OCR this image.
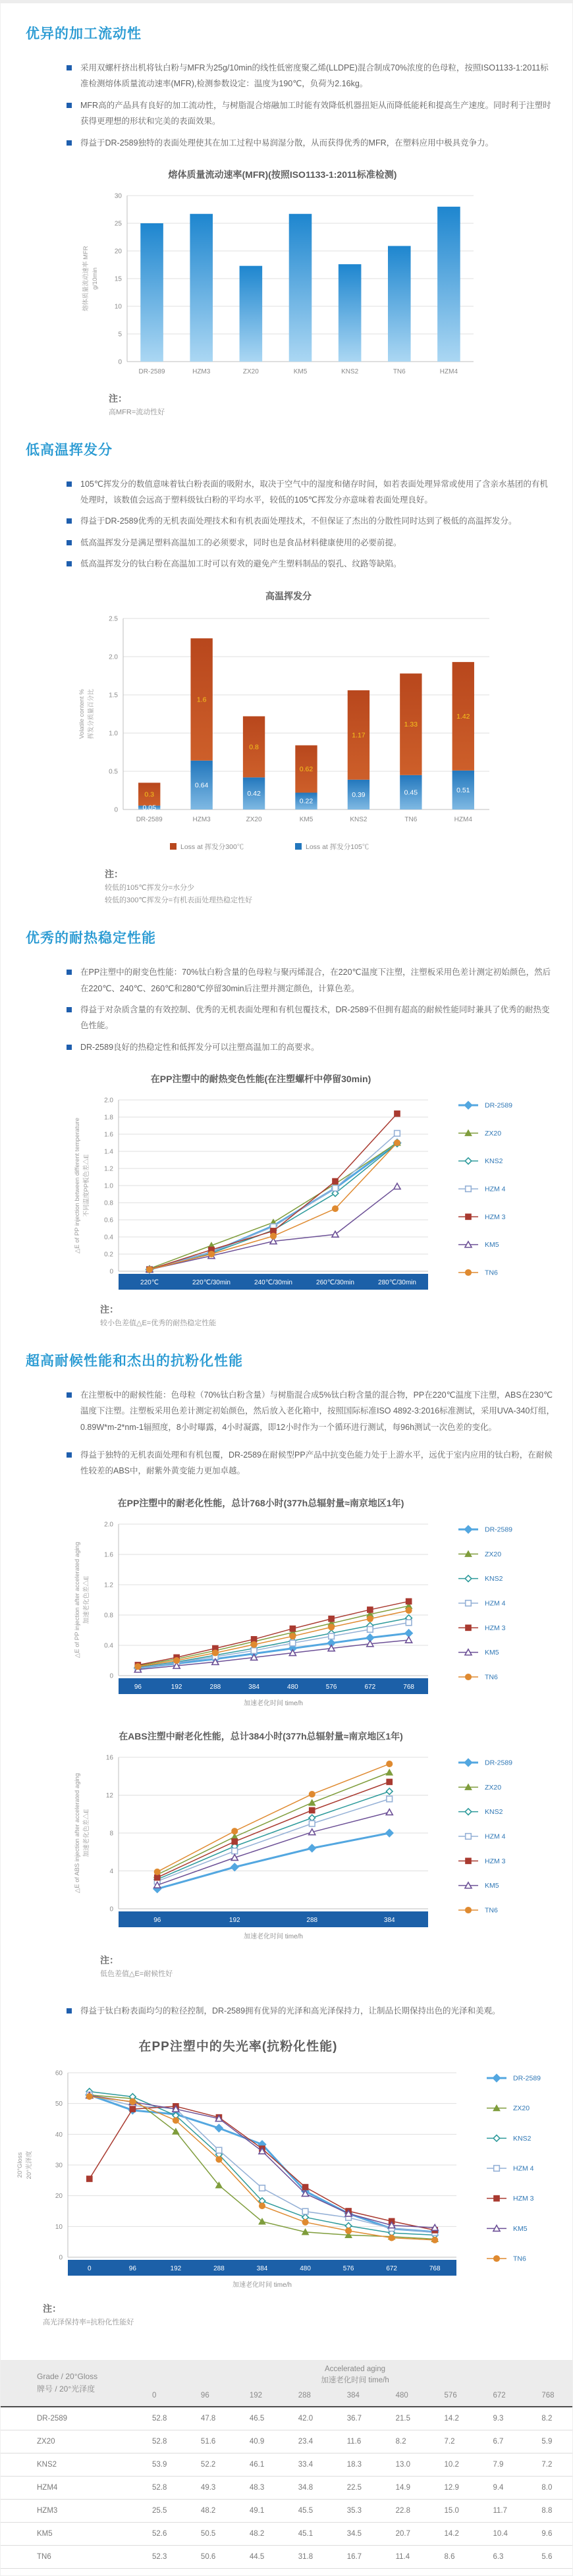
优异的加工流动性
采用双螺杆挤出机将钛白粉与MFR为25g/10min的线性低密度聚乙烯(LLDPE)混合制成70%浓度的色母粒，按照ISO1133-1:2011标准检测熔体质量流动速率(MFR),检测参数设定：温度为190℃，负荷为2.16kg。
MFR高的产品具有良好的加工流动性，与树脂混合熔融加工时能有效降低机器扭矩从而降低能耗和提高生产速度。同时利于注塑时获得更理想的形状和完美的表面效果。
得益于DR-2589独特的表面处理使其在加工过程中易润湿分散，从而获得优秀的MFR，在塑料应用中极具竞争力。
熔体质量流动速率(MFR)(按照ISO1133-1:2011标准检测)
0
5
10
15
20
25
30
DR-2589	HZM3	ZX20	KM5	KNS2	TN6	HZM4
熔体质量流动速率 MFR g/10min
注：
高MFR=流动性好
低高温挥发分
105℃挥发分的数值意味着钛白粉表面的吸附水，取决于空气中的湿度和储存时间，如若表面处理异常或使用了含亲水基团的有机处理时，该数值会远高于塑料级钛白粉的平均水平，较低的105℃挥发分亦意味着表面处理良好。
得益于DR-2589优秀的无机表面处理技术和有机表面处理技术，不但保证了杰出的分散性同时达到了极低的高温挥发分。
低高温挥发分是满足塑料高温加工的必须要求，同时也是食品材料健康使用的必要前提。
低高温挥发分的钛白粉在高温加工时可以有效的避免产生塑料制品的裂孔、纹路等缺陷。
高温挥发分
0
0.5
1.0
1.5
2.0
2.5
0.05
0.3
0.64
1.6
0.42
0.8
0.22
0.62
0.39
1.17
0.45
1.33
0.51
1.42
DR-2589	HZM3	ZX20	KM5	KNS2	TN6	HZM4
Volatile content % 挥发分质量百分比
Loss at 挥发分300℃	Loss at 挥发分105℃
注：
较低的105℃挥发分=水分少
较低的300℃挥发分=有机表面处理热稳定性好
优秀的耐热稳定性能
在PP注塑中的耐变色性能：70%钛白粉含量的色母粒与聚丙烯混合，在220℃温度下注塑，注塑板采用色差计测定初始颜色，然后在220℃、240℃、260℃和280℃停留30min后注塑并测定颜色，计算色差。
得益于对杂质含量的有效控制、优秀的无机表面处理和有机包覆技术，DR-2589不但拥有超高的耐候性能同时兼具了优秀的耐热变色性能。
DR-2589良好的热稳定性和低挥发分可以注塑高温加工的高要求。
在PP注塑中的耐热变色性能(在注塑螺杆中停留30min)
0
0.2
0.4
0.6
0.8
1.0
1.2
1.4
1.6
1.8
2.0
220℃	220℃/30min	240℃/30min	260℃/30min	280℃/30min
△E of PP injection between different temperature 不同温度PP板色差△E
DR-2589
ZX20
KNS2
HZM 4
HZM 3
KM5
TN6
注：
较小色差值△E=优秀的耐热稳定性能
超高耐候性能和杰出的抗粉化性能
在注塑板中的耐候性能：色母粒（70%钛白粉含量）与树脂混合成5%钛白粉含量的混合物，PP在220℃温度下注塑，ABS在230℃温度下注塑。注塑板采用色差计测定初始颜色，然后放入老化箱中，按照国际标准ISO 4892-3:2016标准测试，采用UVA-340灯组，0.89W*m-2*nm-1辐照度，8小时曝露，4小时凝露，即12小时作为一个循环进行测试，每96h测试一次色差的变化。
得益于独特的无机表面处理和有机包覆，DR-2589在耐候型PP产品中抗变色能力处于上游水平，远优于室内应用的钛白粉，在耐候性较差的ABS中，耐紫外黄变能力更加卓越。
在PP注塑中的耐老化性能，总计768小时(377h总辐射量≈南京地区1年)
0
0.4
0.8
1.2
1.6
2.0
96	192	288	384	480	576	672	768
加速老化时间 time/h
△E of PP injection after accelerated aging 加速老化色差△E
DR-2589
ZX20
KNS2
HZM 4
HZM 3
KM5
TN6
在ABS注塑中耐老化性能，总计384小时(377h总辐射量≈南京地区1年)
0
4
8
12
16
96	192	288	384
加速老化时间 time/h
△E of ABS injection after accelerated aging 加速老化色差△E
DR-2589
ZX20
KNS2
HZM 4
HZM 3
KM5
TN6
注：
低色差值△E=耐候性好
得益于钛白粉表面均匀的粒径控制，DR-2589拥有优异的光泽和高光泽保持力，让制品长期保持出色的光泽和美观。
在PP注塑中的失光率(抗粉化性能)
0
10
20
30
40
50
60
0	96	192	288	384	480	576	672	768
加速老化时间 time/h
20°Gloss 20°光泽度
DR-2589
ZX20
KNS2
HZM 4
HZM 3
KM5
TN6
注：
高光泽保持率=抗粉化性能好
Grade / 20°Gloss
牌号 / 20°光泽度	Accelerated aging
加速老化时间 time/h								
	0	96	192	288	384	480	576	672	768
DR-2589	52.8	47.8	46.5	42.0	36.7	21.5	14.2	9.3	8.2
ZX20	52.8	51.6	40.9	23.4	11.6	8.2	7.2	6.7	5.9
KNS2	53.9	52.2	46.1	33.4	18.3	13.0	10.2	7.9	7.2
HZM4	52.8	49.3	48.3	34.8	22.5	14.9	12.9	9.4	8.0
HZM3	25.5	48.2	49.1	45.5	35.3	22.8	15.0	11.7	8.8
KM5	52.6	50.5	48.2	45.1	34.5	20.7	14.2	10.4	9.6
TN6	52.3	50.6	44.5	31.8	16.7	11.4	8.6	6.3	5.6
